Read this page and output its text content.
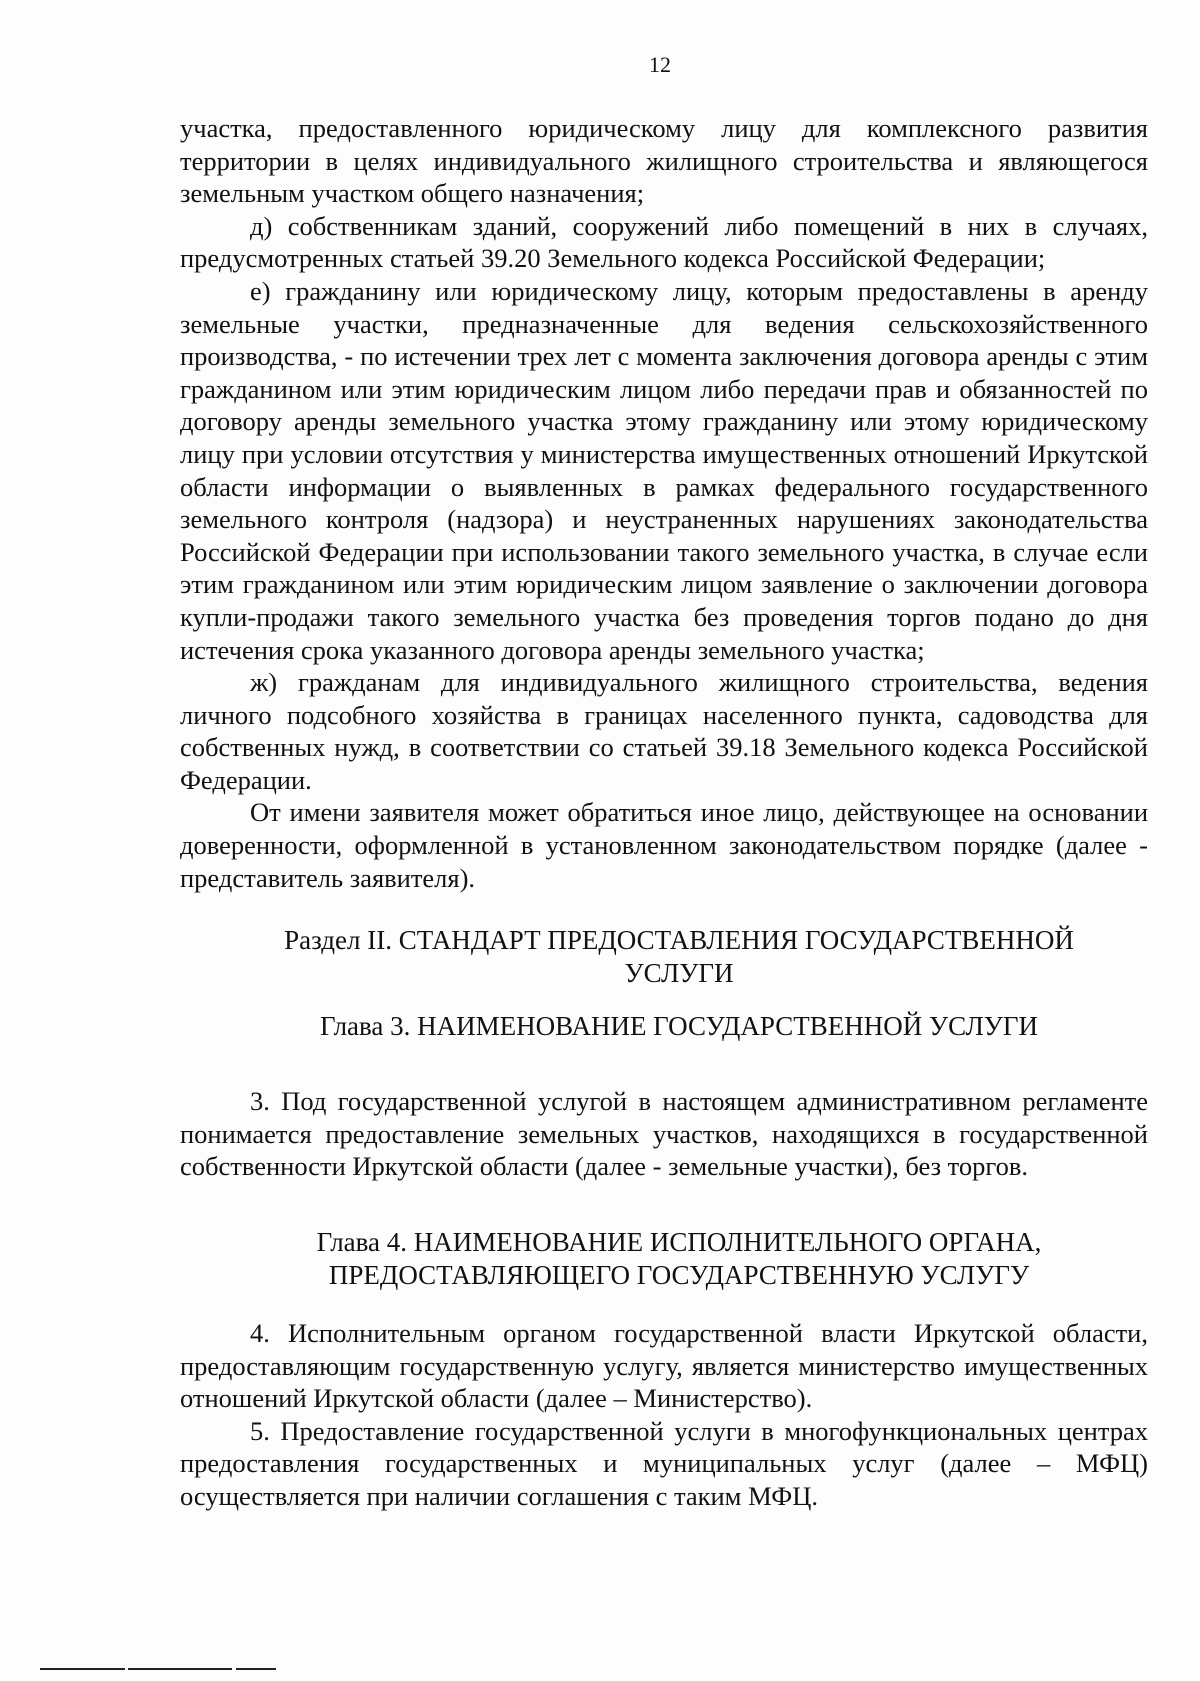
12

участка, предоставленного юридическому лицу для комплексного развития территории в целях индивидуального жилищного строительства и являющегося земельным участком общего назначения;

д) собственникам зданий, сооружений либо помещений в них в случаях, предусмотренных статьей 39.20 Земельного кодекса Российской Федерации;

е) гражданину или юридическому лицу, которым предоставлены в аренду земельные участки, предназначенные для ведения сельскохозяйственного производства, - по истечении трех лет с момента заключения договора аренды с этим гражданином или этим юридическим лицом либо передачи прав и обязанностей по договору аренды земельного участка этому гражданину или этому юридическому лицу при условии отсутствия у министерства имущественных отношений Иркутской области информации о выявленных в рамках федерального государственного земельного контроля (надзора) и неустраненных нарушениях законодательства Российской Федерации при использовании такого земельного участка, в случае если этим гражданином или этим юридическим лицом заявление о заключении договора купли-продажи такого земельного участка без проведения торгов подано до дня истечения срока указанного договора аренды земельного участка;

ж) гражданам для индивидуального жилищного строительства, ведения личного подсобного хозяйства в границах населенного пункта, садоводства для собственных нужд, в соответствии со статьей 39.18 Земельного кодекса Российской Федерации.

От имени заявителя может обратиться иное лицо, действующее на основании доверенности, оформленной в установленном законодательством порядке (далее - представитель заявителя).

Раздел II. СТАНДАРТ ПРЕДОСТАВЛЕНИЯ ГОСУДАРСТВЕННОЙ
УСЛУГИ
Глава 3. НАИМЕНОВАНИЕ ГОСУДАРСТВЕННОЙ УСЛУГИ

3. Под государственной услугой в настоящем административном регламенте понимается предоставление земельных участков, находящихся в государственной собственности Иркутской области (далее - земельные участки), без торгов.

Глава 4. НАИМЕНОВАНИЕ ИСПОЛНИТЕЛЬНОГО ОРГАНА,
ПРЕДОСТАВЛЯЮЩЕГО ГОСУДАРСТВЕННУЮ УСЛУГУ

4. Исполнительным органом государственной власти Иркутской области, предоставляющим государственную услугу, является министерство имущественных отношений Иркутской области (далее – Министерство).

5. Предоставление государственной услуги в многофункциональных центрах предоставления государственных и муниципальных услуг (далее – МФЦ) осуществляется при наличии соглашения с таким МФЦ.
